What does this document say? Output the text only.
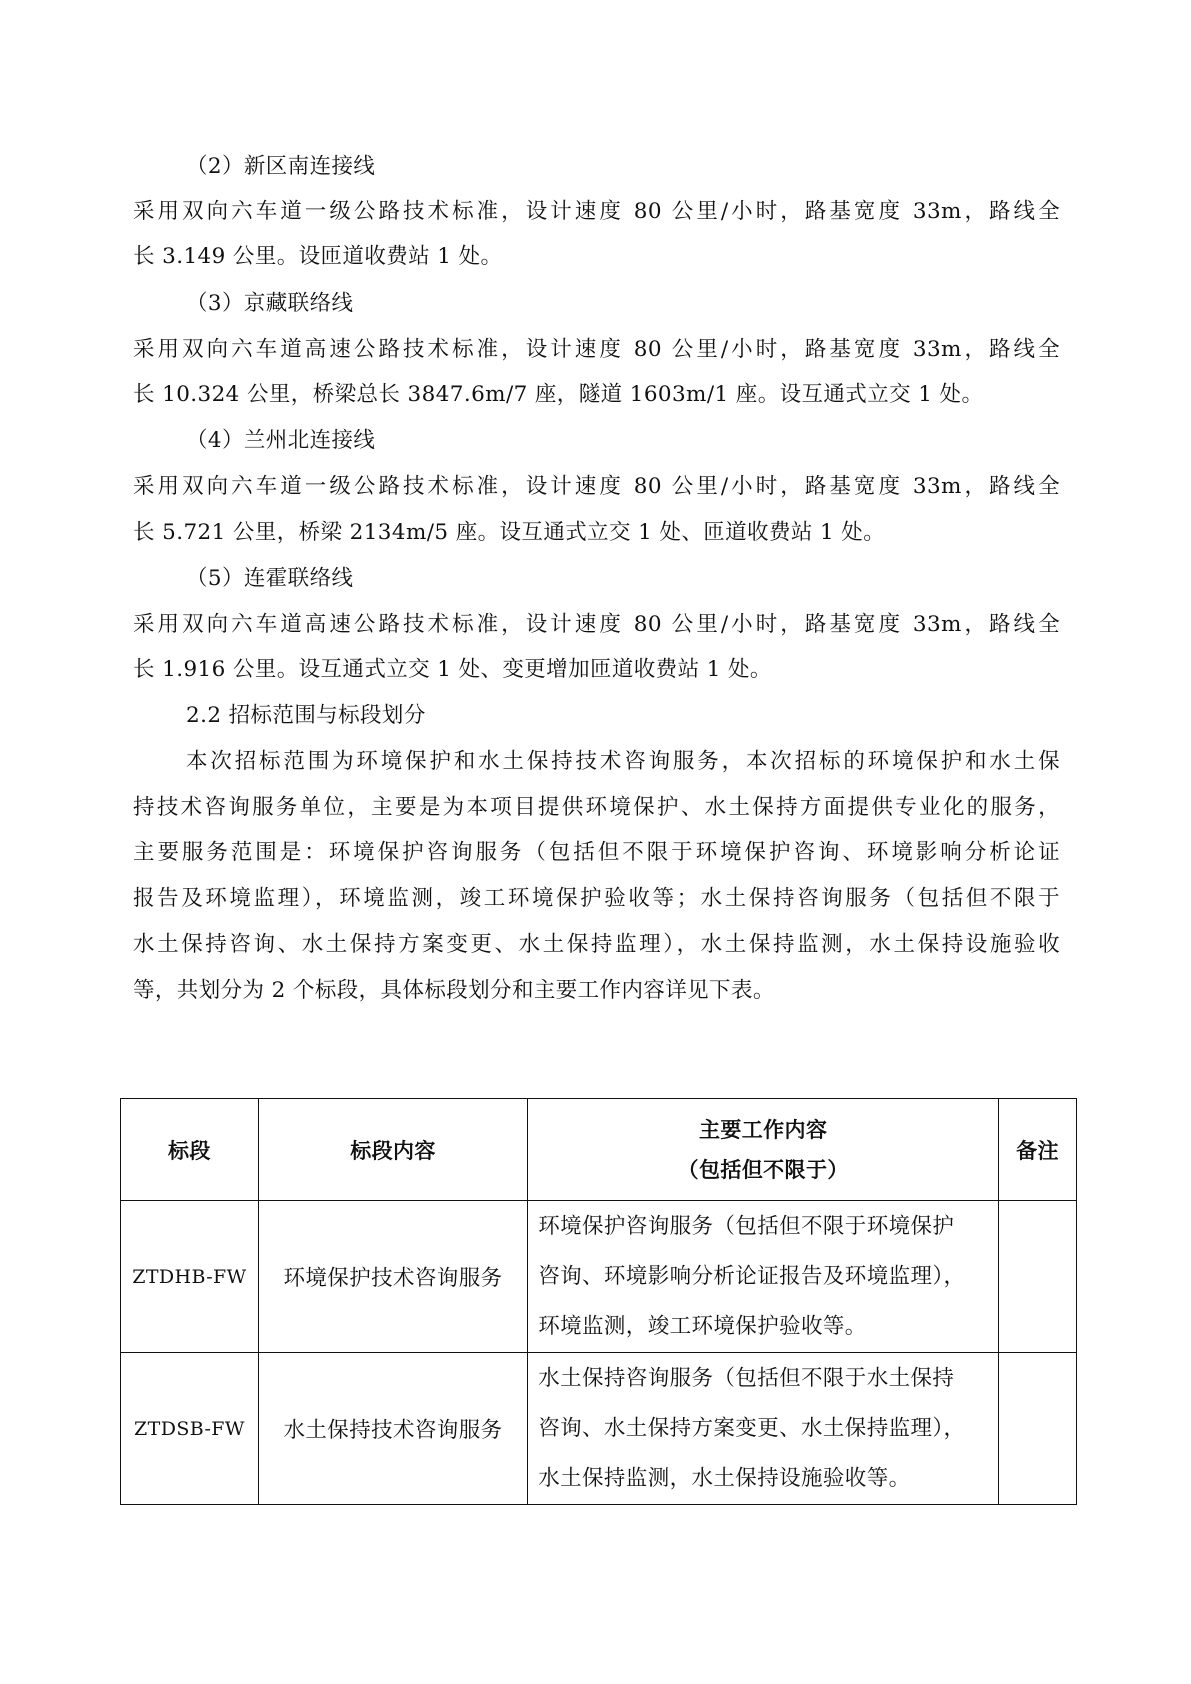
（2）新区南连接线
采用双向六车道一级公路技术标准，设计速度 80 公里/小时，路基宽度 33m，路线全
长 3.149 公里。设匝道收费站 1 处。
（3）京藏联络线
采用双向六车道高速公路技术标准，设计速度 80 公里/小时，路基宽度 33m，路线全
长 10.324 公里，桥梁总长 3847.6m/7 座，隧道 1603m/1 座。设互通式立交 1 处。
（4）兰州北连接线
采用双向六车道一级公路技术标准，设计速度 80 公里/小时，路基宽度 33m，路线全
长 5.721 公里，桥梁 2134m/5 座。设互通式立交 1 处、匝道收费站 1 处。
（5）连霍联络线
采用双向六车道高速公路技术标准，设计速度 80 公里/小时，路基宽度 33m，路线全
长 1.916 公里。设互通式立交 1 处、变更增加匝道收费站 1 处。
2.2 招标范围与标段划分
本次招标范围为环境保护和水土保持技术咨询服务，本次招标的环境保护和水土保
持技术咨询服务单位，主要是为本项目提供环境保护、水土保持方面提供专业化的服务，
主要服务范围是：环境保护咨询服务（包括但不限于环境保护咨询、环境影响分析论证
报告及环境监理），环境监测，竣工环境保护验收等；水土保持咨询服务（包括但不限于
水土保持咨询、水土保持方案变更、水土保持监理），水土保持监测，水土保持设施验收
等，共划分为 2 个标段，具体标段划分和主要工作内容详见下表。
标段	标段内容	主要工作内容
（包括但不限于）	备注
ZTDHB-FW	环境保护技术咨询服务	环境保护咨询服务（包括但不限于环境保护
咨询、环境影响分析论证报告及环境监理），
环境监测，竣工环境保护验收等。	

ZTDSB-FW	水土保持技术咨询服务	水土保持咨询服务（包括但不限于水土保持
咨询、水土保持方案变更、水土保持监理），
水土保持监测，水土保持设施验收等。	
